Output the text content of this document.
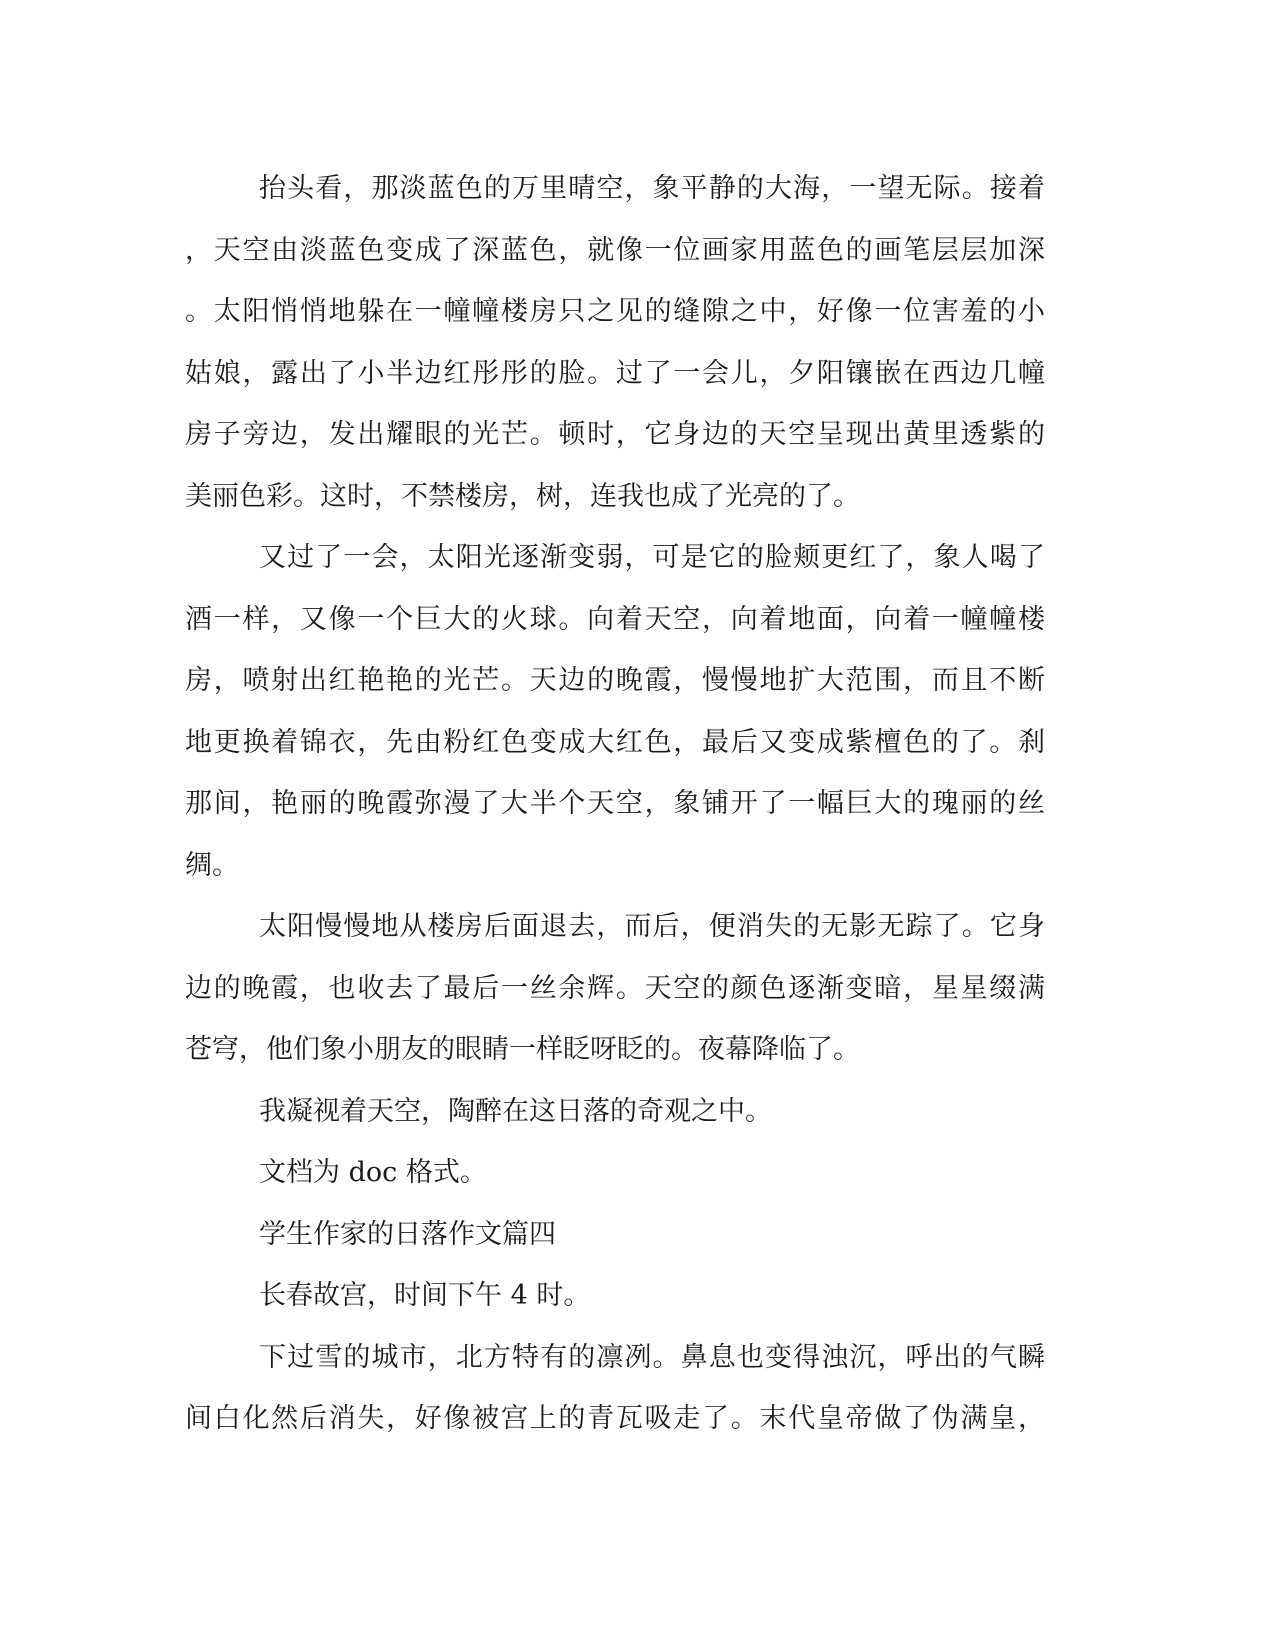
抬头看，那淡蓝色的万里晴空，象平静的大海，一望无际。接着
，天空由淡蓝色变成了深蓝色，就像一位画家用蓝色的画笔层层加深
。太阳悄悄地躲在一幢幢楼房只之见的缝隙之中，好像一位害羞的小
姑娘，露出了小半边红彤彤的脸。过了一会儿，夕阳镶嵌在西边几幢
房子旁边，发出耀眼的光芒。顿时，它身边的天空呈现出黄里透紫的
美丽色彩。这时，不禁楼房，树，连我也成了光亮的了。
又过了一会，太阳光逐渐变弱，可是它的脸颊更红了，象人喝了
酒一样，又像一个巨大的火球。向着天空，向着地面，向着一幢幢楼
房，喷射出红艳艳的光芒。天边的晚霞，慢慢地扩大范围，而且不断
地更换着锦衣，先由粉红色变成大红色，最后又变成紫檀色的了。刹
那间，艳丽的晚霞弥漫了大半个天空，象铺开了一幅巨大的瑰丽的丝
绸。
太阳慢慢地从楼房后面退去，而后，便消失的无影无踪了。它身
边的晚霞，也收去了最后一丝余辉。天空的颜色逐渐变暗，星星缀满
苍穹，他们象小朋友的眼睛一样眨呀眨的。夜幕降临了。
我凝视着天空，陶醉在这日落的奇观之中。
文档为 doc 格式。
学生作家的日落作文篇四
长春故宫，时间下午 4 时。
下过雪的城市，北方特有的凛冽。鼻息也变得浊沉，呼出的气瞬
间白化然后消失，好像被宫上的青瓦吸走了。末代皇帝做了伪满皇，
